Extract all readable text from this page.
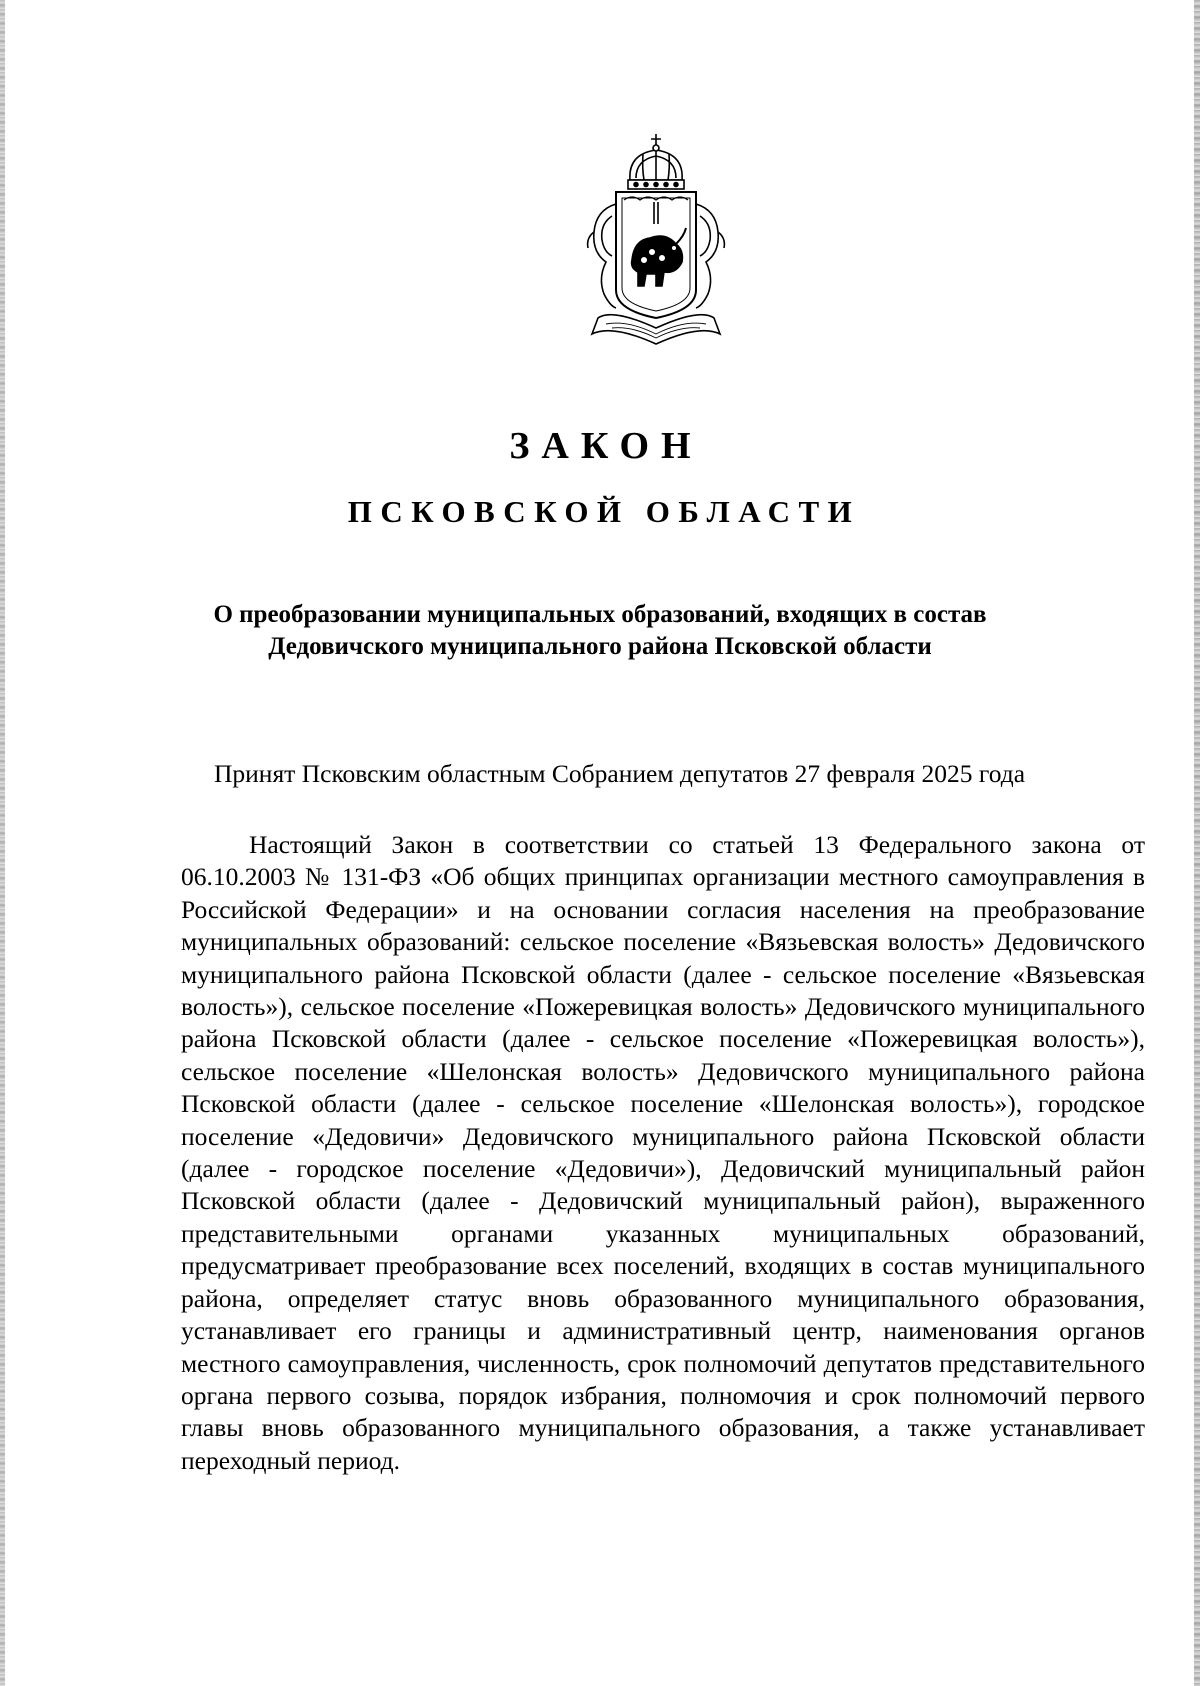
ЗАКОН
ПСКОВСКОЙ ОБЛАСТИ

О преобразовании муниципальных образований, входящих в состав Дедовичского муниципального района Псковской области

Принят Псковским областным Собранием депутатов 27 февраля 2025 года

Настоящий Закон в соответствии со статьей 13 Федерального закона от 06.10.2003 № 131-ФЗ «Об общих принципах организации местного самоуправления в Российской Федерации» и на основании согласия населения на преобразование муниципальных образований: сельское поселение «Вязьевская волость» Дедовичского муниципального района Псковской области (далее - сельское поселение «Вязьевская волость»), сельское поселение «Пожеревицкая волость» Дедовичского муниципального района Псковской области (далее - сельское поселение «Пожеревицкая волость»), сельское поселение «Шелонская волость» Дедовичского муниципального района Псковской области (далее - сельское поселение «Шелонская волость»), городское поселение «Дедовичи» Дедовичского муниципального района Псковской области (далее - городское поселение «Дедовичи»), Дедовичский муниципальный район Псковской области (далее - Дедовичский муниципальный район), выраженного представительными органами указанных муниципальных образований, предусматривает преобразование всех поселений, входящих в состав муниципального района, определяет статус вновь образованного муниципального образования, устанавливает его границы и административный центр, наименования органов местного самоуправления, численность, срок полномочий депутатов представительного органа первого созыва, порядок избрания, полномочия и срок полномочий первого главы вновь образованного муниципального образования, а также устанавливает переходный период.
